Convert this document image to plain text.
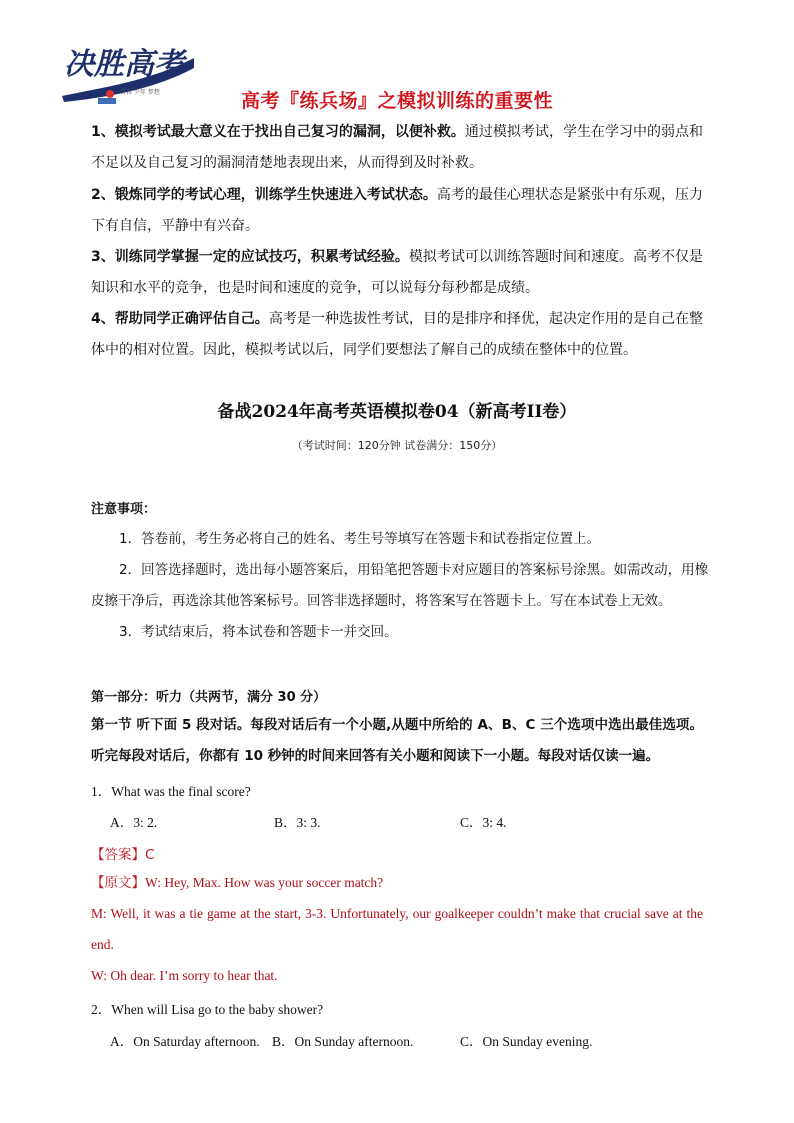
决胜高考
青春 少年 梦想	高考『练兵场』之模拟训练的重要性
1、模拟考试最大意义在于找出自己复习的漏洞，以便补救。通过模拟考试，学生在学习中的弱点和不足以及自己复习的漏洞清楚地表现出来，从而得到及时补救。
2、锻炼同学的考试心理，训练学生快速进入考试状态。高考的最佳心理状态是紧张中有乐观，压力下有自信，平静中有兴奋。
3、训练同学掌握一定的应试技巧，积累考试经验。模拟考试可以训练答题时间和速度。高考不仅是知识和水平的竞争，也是时间和速度的竞争，可以说每分每秒都是成绩。
4、帮助同学正确评估自己。高考是一种选拔性考试，目的是排序和择优，起决定作用的是自己在整体中的相对位置。因此，模拟考试以后，同学们要想法了解自己的成绩在整体中的位置。
备战2024年高考英语模拟卷04（新高考II卷）
（考试时间：120分钟 试卷满分：150分）
注意事项：
1．答卷前，考生务必将自己的姓名、考生号等填写在答题卡和试卷指定位置上。
2．回答选择题时，选出每小题答案后，用铅笔把答题卡对应题目的答案标号涂黑。如需改动，用橡皮擦干净后，再选涂其他答案标号。回答非选择题时，将答案写在答题卡上。写在本试卷上无效。
3．考试结束后，将本试卷和答题卡一并交回。
第一部分：听力（共两节，满分 30 分）
第一节 听下面 5 段对话。每段对话后有一个小题,从题中所给的 A、B、C 三个选项中选出最佳选项。听完每段对话后，你都有 10 秒钟的时间来回答有关小题和阅读下一小题。每段对话仅读一遍。
1．What was the final score?
A．3: 2.	B．3: 3.	C．3: 4.
【答案】C
【原文】W: Hey, Max. How was your soccer match?
M: Well, it was a tie game at the start, 3-3. Unfortunately, our goalkeeper couldn’t make that crucial save at the end.
W: Oh dear. I’m sorry to hear that.
2．When will Lisa go to the baby shower?
A．On Saturday afternoon. B．On Sunday afternoon.	C．On Sunday evening.
